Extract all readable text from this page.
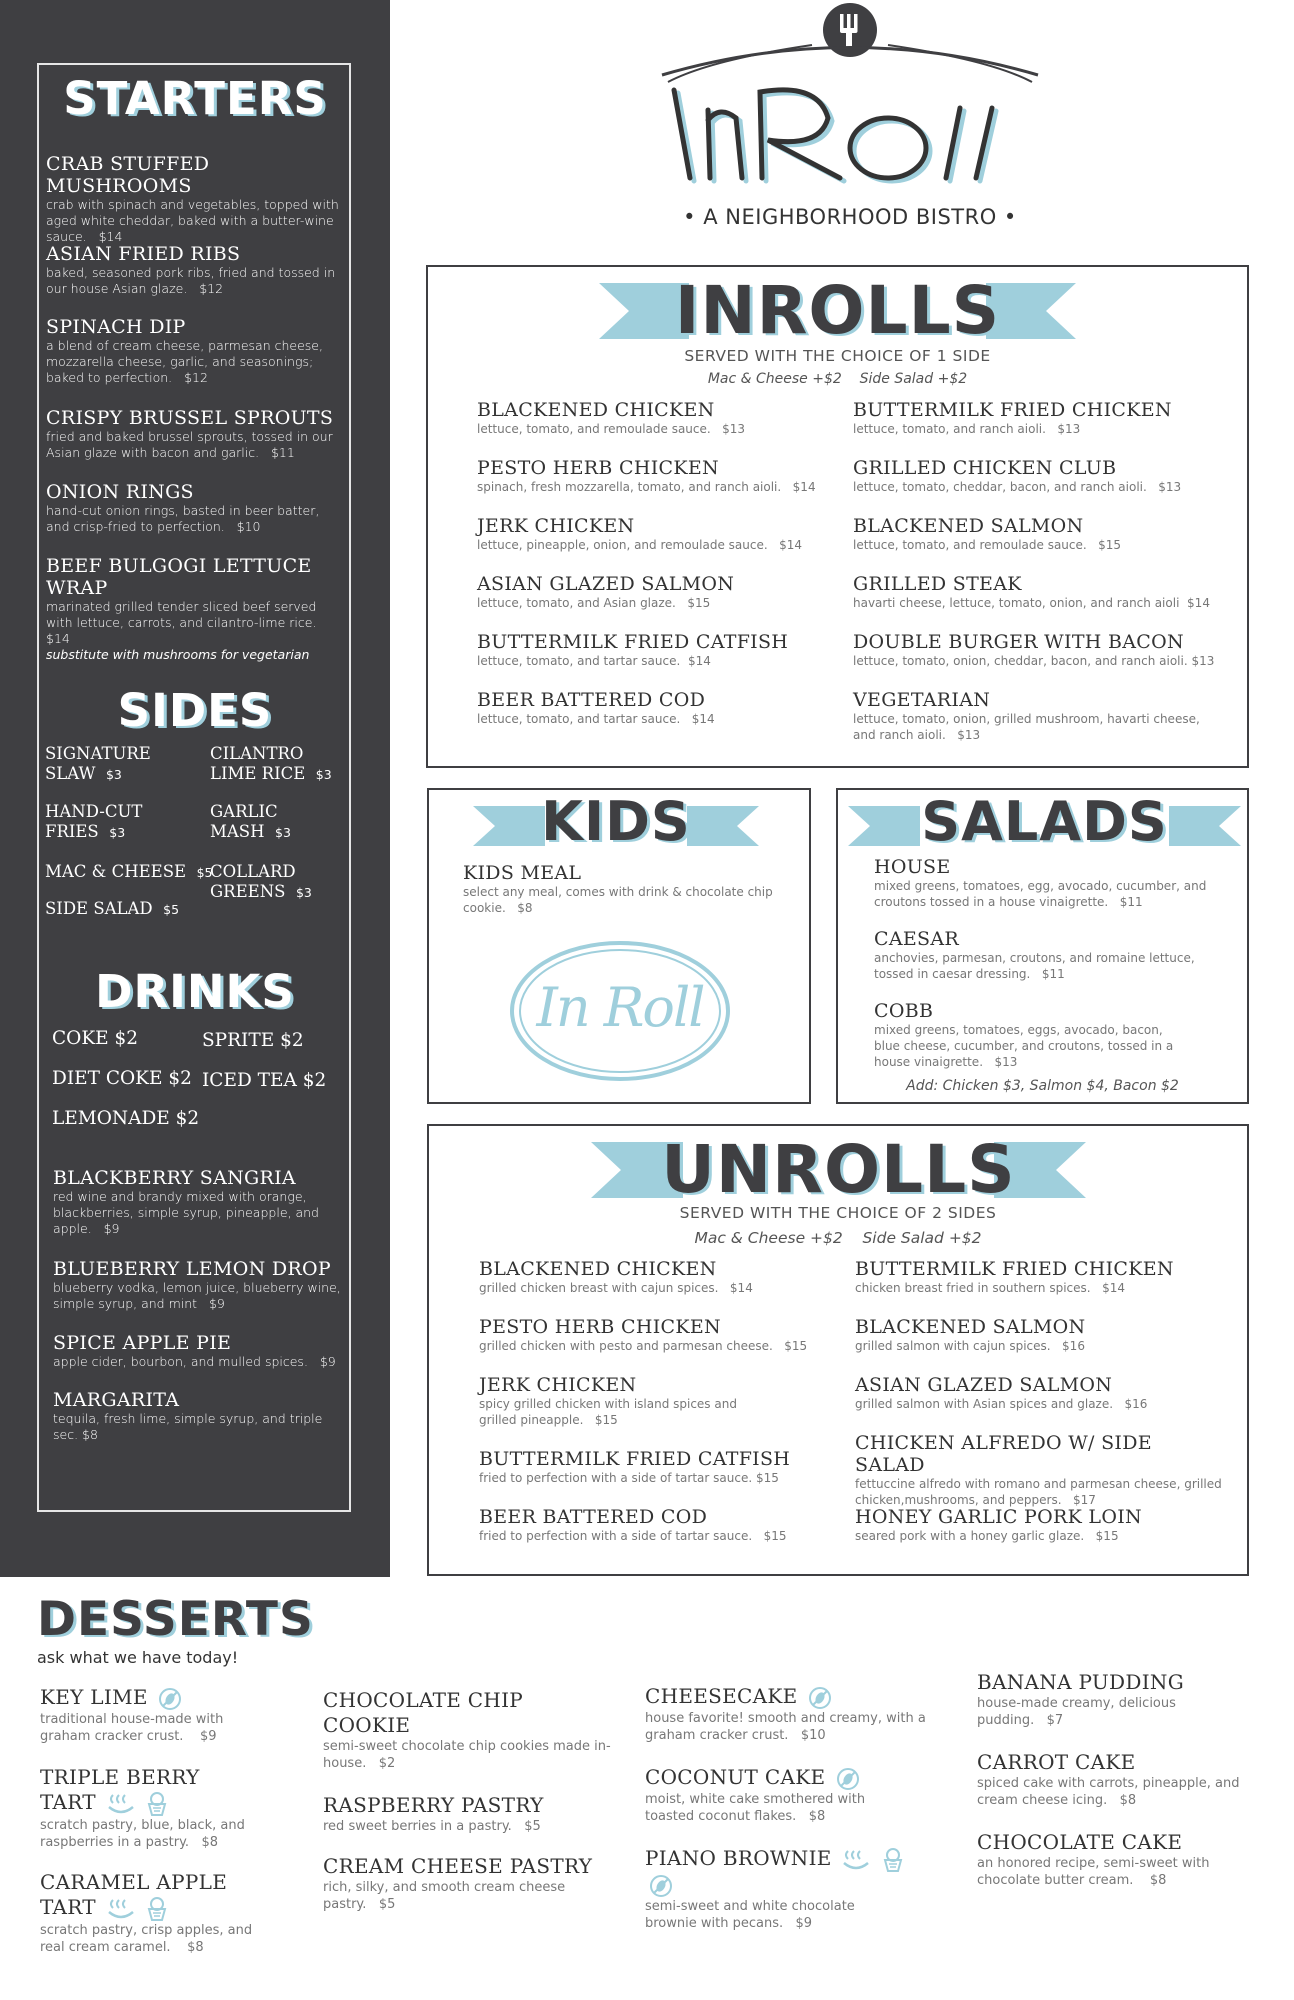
STARTERS
CRAB STUFFED MUSHROOMS
crab with spinach and vegetables, topped with aged white cheddar, baked with a butter-wine sauce. $14
ASIAN FRIED RIBS
baked, seasoned pork ribs, fried and tossed in our house Asian glaze. $12
SPINACH DIP
a blend of cream cheese, parmesan cheese, mozzarella cheese, garlic, and seasonings; baked to perfection. $12
CRISPY BRUSSEL SPROUTS
fried and baked brussel sprouts, tossed in our Asian glaze with bacon and garlic. $11
ONION RINGS
hand-cut onion rings, basted in beer batter, and crisp-fried to perfection. $10
BEEF BULGOGI LETTUCE WRAP
marinated grilled tender sliced beef served with lettuce, carrots, and cilantro-lime rice.   $14
substitute with mushrooms for vegetarian
SIDES
SIGNATURE
SLAW $3
CILANTRO
LIME RICE $3
HAND-CUT
FRIES $3
GARLIC
MASH $3
MAC & CHEESE $5
COLLARD
GREENS $3
SIDE SALAD $5
DRINKS
COKE $2	SPRITE $2
DIET COKE $2 ICED TEA $2
LEMONADE $2
BLACKBERRY SANGRIA
red wine and brandy mixed with orange, blackberries, simple syrup, pineapple, and apple. $9
BLUEBERRY LEMON DROP
blueberry vodka, lemon juice, blueberry wine, simple syrup, and mint $9
SPICE APPLE PIE
apple cider, bourbon, and mulled spices. $9
MARGARITA
tequila, fresh lime, simple syrup, and triple sec. $8
• A NEIGHBORHOOD BISTRO •
INROLLS
SERVED WITH THE CHOICE OF 1 SIDE
Mac & Cheese +$2    Side Salad +$2
BLACKENED CHICKEN
lettuce, tomato, and remoulade sauce. $13
BUTTERMILK FRIED CHICKEN
lettuce, tomato, and ranch aioli. $13
PESTO HERB CHICKEN
spinach, fresh mozzarella, tomato, and ranch aioli. $14
GRILLED CHICKEN CLUB
lettuce, tomato, cheddar, bacon, and ranch aioli. $13
JERK CHICKEN
lettuce, pineapple, onion, and remoulade sauce. $14
BLACKENED SALMON
lettuce, tomato, and remoulade sauce. $15
ASIAN GLAZED SALMON
lettuce, tomato, and Asian glaze. $15
GRILLED STEAK
havarti cheese, lettuce, tomato, onion, and ranch aioli $14
BUTTERMILK FRIED CATFISH
lettuce, tomato, and tartar sauce. $14
DOUBLE BURGER WITH BACON
lettuce, tomato, onion, cheddar, bacon, and ranch aioli. $13
BEER BATTERED COD
lettuce, tomato, and tartar sauce. $14
VEGETARIAN
lettuce, tomato, onion, grilled mushroom, havarti cheese, and ranch aioli. $13
KIDS
KIDS MEAL
select any meal, comes with drink & chocolate chip cookie. $8
In Roll
SALADS
HOUSE
mixed greens, tomatoes, egg, avocado, cucumber, and croutons tossed in a house vinaigrette. $11
CAESAR
anchovies, parmesan, croutons, and romaine lettuce, tossed in caesar dressing. $11
COBB
mixed greens, tomatoes, eggs, avocado, bacon, blue cheese, cucumber, and croutons, tossed in a house vinaigrette. $13
Add: Chicken $3, Salmon $4, Bacon $2
UNROLLS
SERVED WITH THE CHOICE OF 2 SIDES
Mac & Cheese +$2    Side Salad +$2
BLACKENED CHICKEN
grilled chicken breast with cajun spices. $14
BUTTERMILK FRIED CHICKEN
chicken breast fried in southern spices. $14
PESTO HERB CHICKEN
grilled chicken with pesto and parmesan cheese. $15
BLACKENED SALMON
grilled salmon with cajun spices. $16
JERK CHICKEN
spicy grilled chicken with island spices and grilled pineapple. $15
ASIAN GLAZED SALMON
grilled salmon with Asian spices and glaze. $16
BUTTERMILK FRIED CATFISH
fried to perfection with a side of tartar sauce. $15
CHICKEN ALFREDO W/ SIDE SALAD
fettuccine alfredo with romano and parmesan cheese, grilled chicken,mushrooms, and peppers. $17
BEER BATTERED COD
fried to perfection with a side of tartar sauce. $15
HONEY GARLIC PORK LOIN
seared pork with a honey garlic glaze. $15
DESSERTS
ask what we have today!
KEY LIME
traditional house-made with graham cracker crust. $9
TRIPLE BERRY
TART
scratch pastry, blue, black, and raspberries in a pastry. $8
CARAMEL APPLE
TART
scratch pastry, crisp apples, and real cream caramel. $8
CHOCOLATE CHIP
COOKIE
semi-sweet chocolate chip cookies made in-house. $2
RASPBERRY PASTRY
red sweet berries in a pastry. $5
CREAM CHEESE PASTRY
rich, silky, and smooth cream cheese pastry. $5
CHEESECAKE
house favorite! smooth and creamy, with a graham cracker crust. $10
COCONUT CAKE
moist, white cake smothered with toasted coconut flakes. $8
PIANO BROWNIE
semi-sweet and white chocolate brownie with pecans. $9
BANANA PUDDING
house-made creamy, delicious pudding. $7
CARROT CAKE
spiced cake with carrots, pineapple, and cream cheese icing. $8
CHOCOLATE CAKE
an honored recipe, semi-sweet with chocolate butter cream. $8
